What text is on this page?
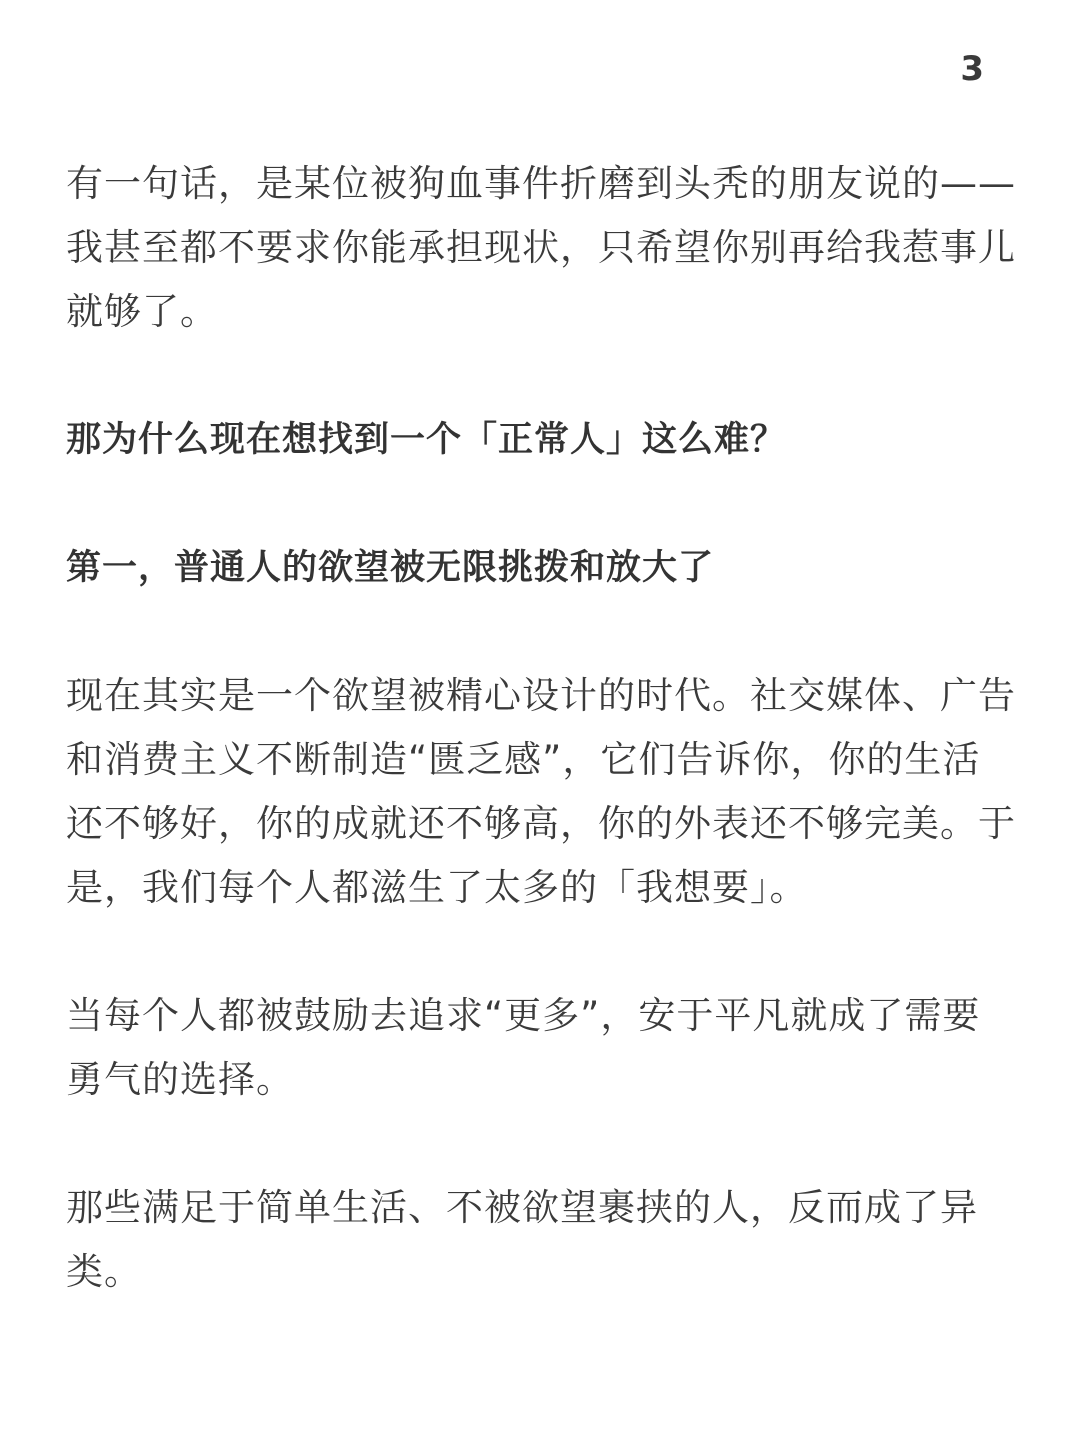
3

有一句话，是某位被狗血事件折磨到头秃的朋友说的——我甚至都不要求你能承担现状，只希望你别再给我惹事儿就够了。

那为什么现在想找到一个「正常人」这么难？

第一，普通人的欲望被无限挑拨和放大了

现在其实是一个欲望被精心设计的时代。社交媒体、广告和消费主义不断制造“匮乏感”，它们告诉你，你的生活还不够好，你的成就还不够高，你的外表还不够完美。于是，我们每个人都滋生了太多的「我想要」。

当每个人都被鼓励去追求“更多”，安于平凡就成了需要勇气的选择。

那些满足于简单生活、不被欲望裹挟的人，反而成了异类。
